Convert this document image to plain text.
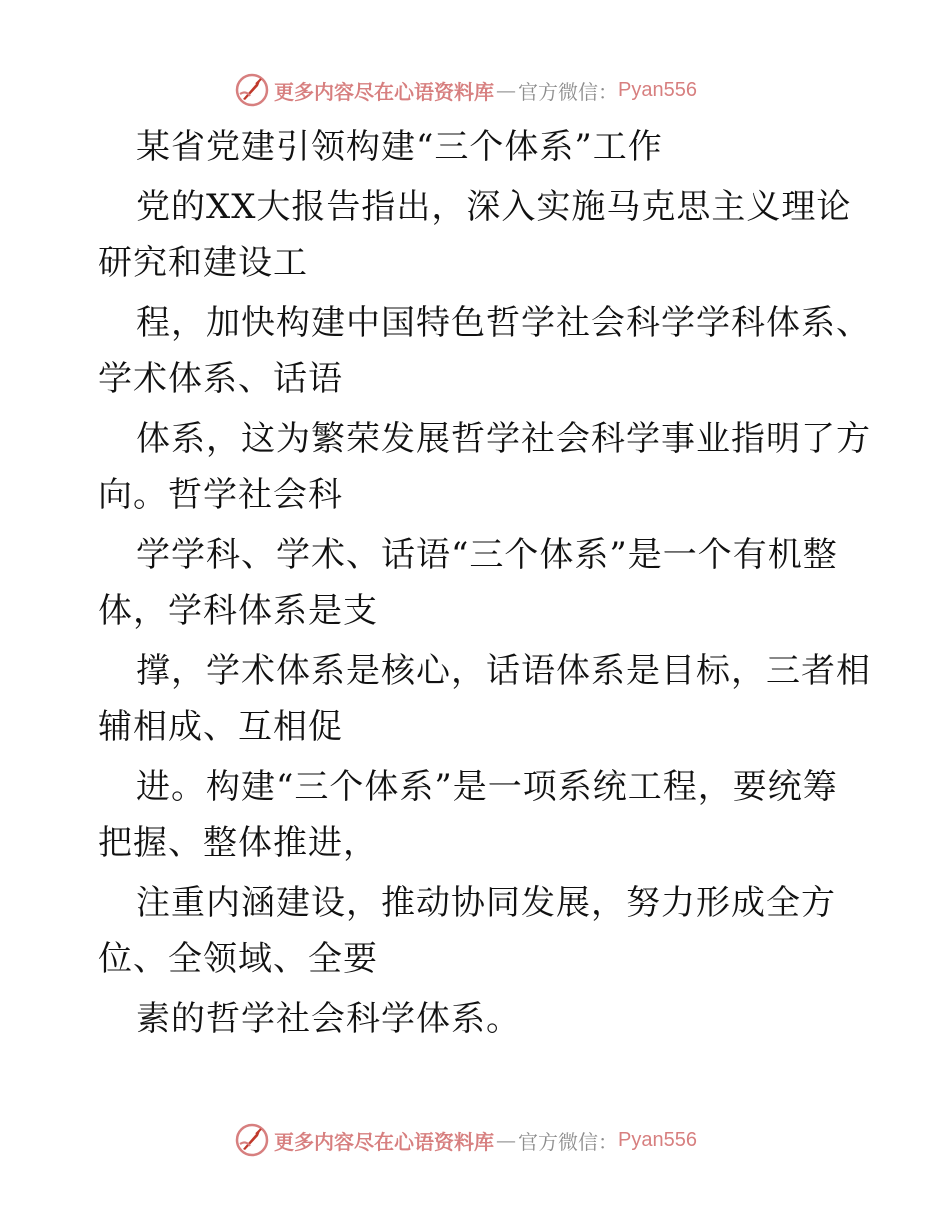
更多内容尽在心语资料库 — 官方微信： Pyan556
某省党建引领构建“三个体系”工作
党的XX大报告指出，深入实施马克思主义理论
研究和建设工
程，加快构建中国特色哲学社会科学学科体系、
学术体系、话语
体系，这为繁荣发展哲学社会科学事业指明了方
向。哲学社会科
学学科、学术、话语“三个体系”是一个有机整
体，学科体系是支
撑，学术体系是核心，话语体系是目标，三者相
辅相成、互相促
进。构建“三个体系”是一项系统工程，要统筹
把握、整体推进，
注重内涵建设，推动协同发展，努力形成全方
位、全领域、全要
素的哲学社会科学体系。
更多内容尽在心语资料库 — 官方微信： Pyan556
